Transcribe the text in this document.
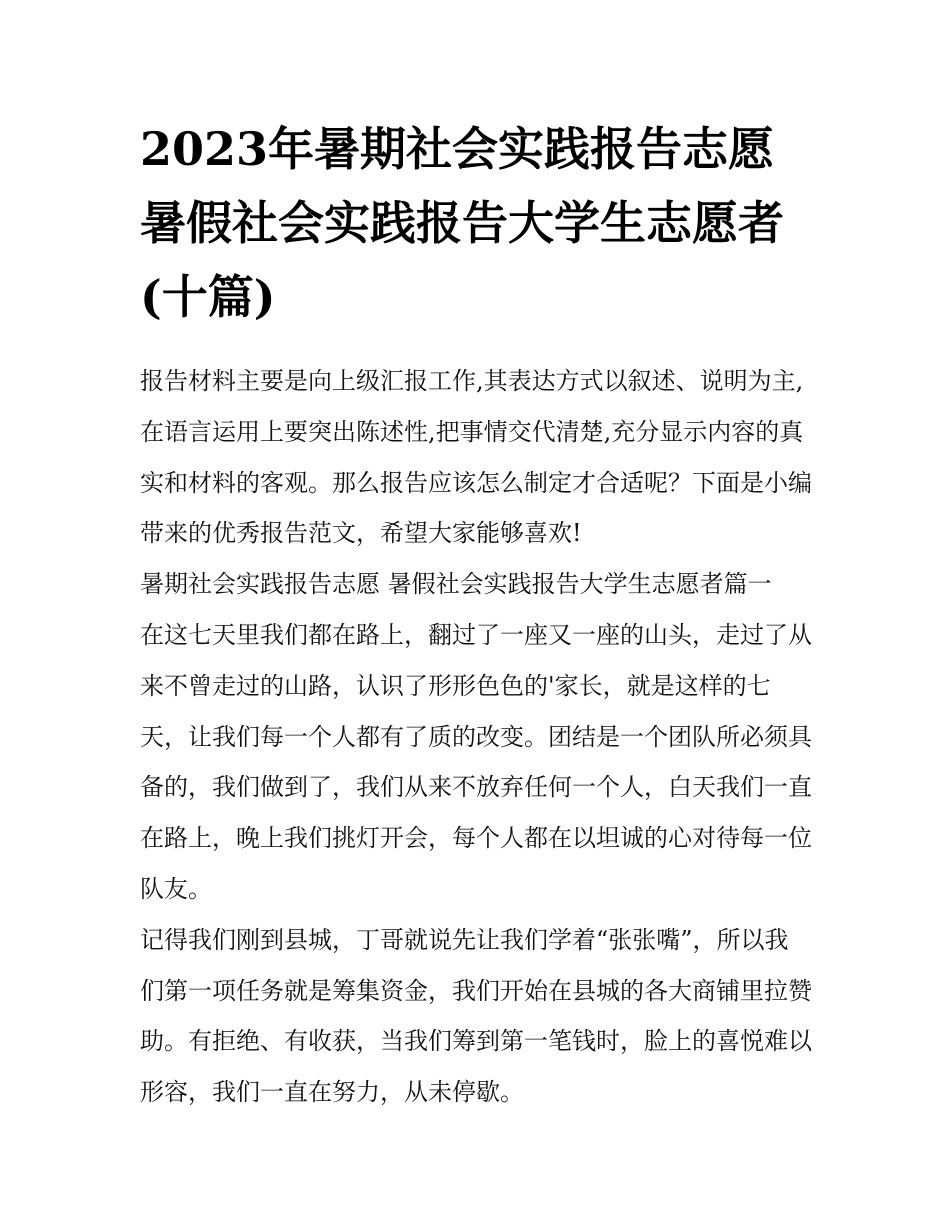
2023年暑期社会实践报告志愿暑假社会实践报告大学生志愿者(十篇)

报告材料主要是向上级汇报工作,其表达方式以叙述、说明为主,在语言运用上要突出陈述性,把事情交代清楚,充分显示内容的真实和材料的客观。那么报告应该怎么制定才合适呢？下面是小编带来的优秀报告范文，希望大家能够喜欢!

暑期社会实践报告志愿 暑假社会实践报告大学生志愿者篇一

在这七天里我们都在路上，翻过了一座又一座的山头，走过了从来不曾走过的山路，认识了形形色色的'家长，就是这样的七天，让我们每一个人都有了质的改变。团结是一个团队所必须具备的，我们做到了，我们从来不放弃任何一个人，白天我们一直在路上，晚上我们挑灯开会，每个人都在以坦诚的心对待每一位队友。

记得我们刚到县城，丁哥就说先让我们学着“张张嘴”，所以我们第一项任务就是筹集资金，我们开始在县城的各大商铺里拉赞助。有拒绝、有收获，当我们筹到第一笔钱时，脸上的喜悦难以形容，我们一直在努力，从未停歇。
